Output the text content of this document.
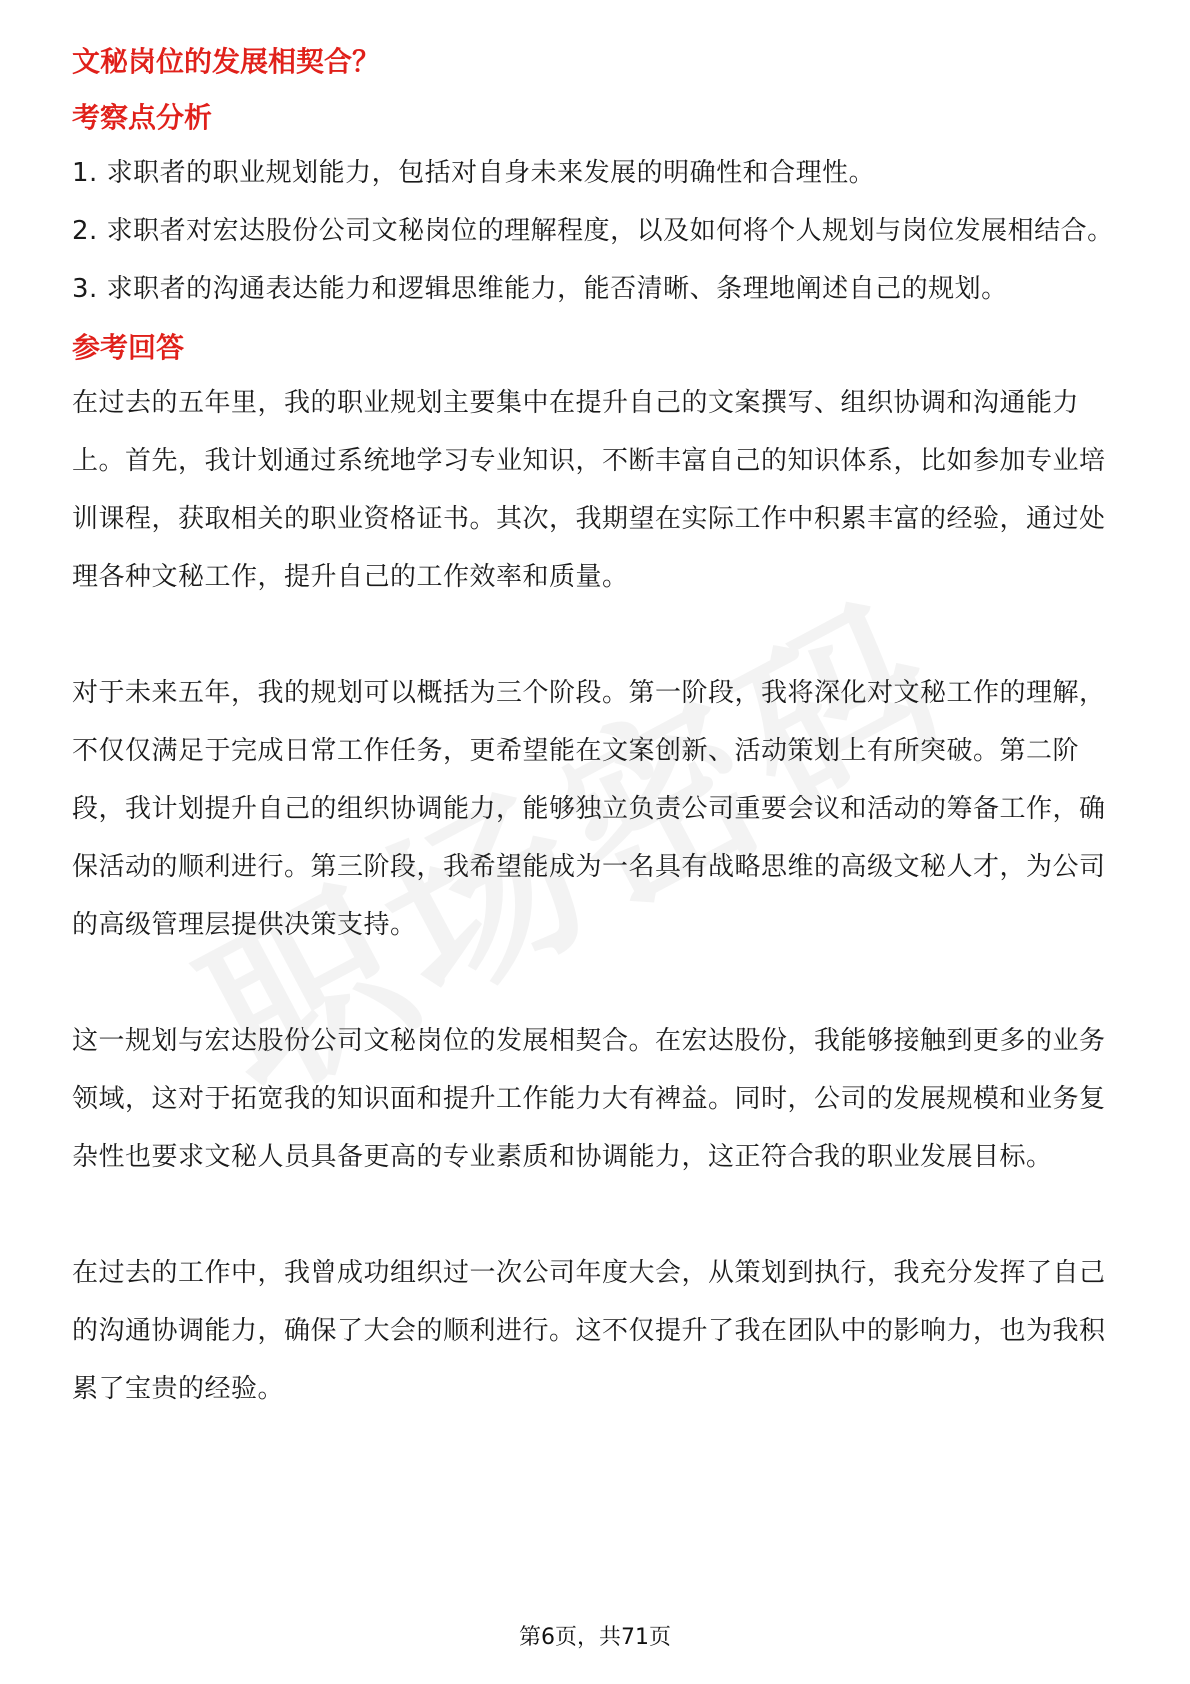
文秘岗位的发展相契合？

考察点分析

1. 求职者的职业规划能力，包括对自身未来发展的明确性和合理性。

2. 求职者对宏达股份公司文秘岗位的理解程度，以及如何将个人规划与岗位发展相结合。

3. 求职者的沟通表达能力和逻辑思维能力，能否清晰、条理地阐述自己的规划。

参考回答

在过去的五年里，我的职业规划主要集中在提升自己的文案撰写、组织协调和沟通能力上。首先，我计划通过系统地学习专业知识，不断丰富自己的知识体系，比如参加专业培训课程，获取相关的职业资格证书。其次，我期望在实际工作中积累丰富的经验，通过处理各种文秘工作，提升自己的工作效率和质量。

对于未来五年，我的规划可以概括为三个阶段。第一阶段，我将深化对文秘工作的理解，不仅仅满足于完成日常工作任务，更希望能在文案创新、活动策划上有所突破。第二阶段，我计划提升自己的组织协调能力，能够独立负责公司重要会议和活动的筹备工作，确保活动的顺利进行。第三阶段，我希望能成为一名具有战略思维的高级文秘人才，为公司的高级管理层提供决策支持。

这一规划与宏达股份公司文秘岗位的发展相契合。在宏达股份，我能够接触到更多的业务领域，这对于拓宽我的知识面和提升工作能力大有裨益。同时，公司的发展规模和业务复杂性也要求文秘人员具备更高的专业素质和协调能力，这正符合我的职业发展目标。

在过去的工作中，我曾成功组织过一次公司年度大会，从策划到执行，我充分发挥了自己的沟通协调能力，确保了大会的顺利进行。这不仅提升了我在团队中的影响力，也为我积累了宝贵的经验。

第6页，共71页
